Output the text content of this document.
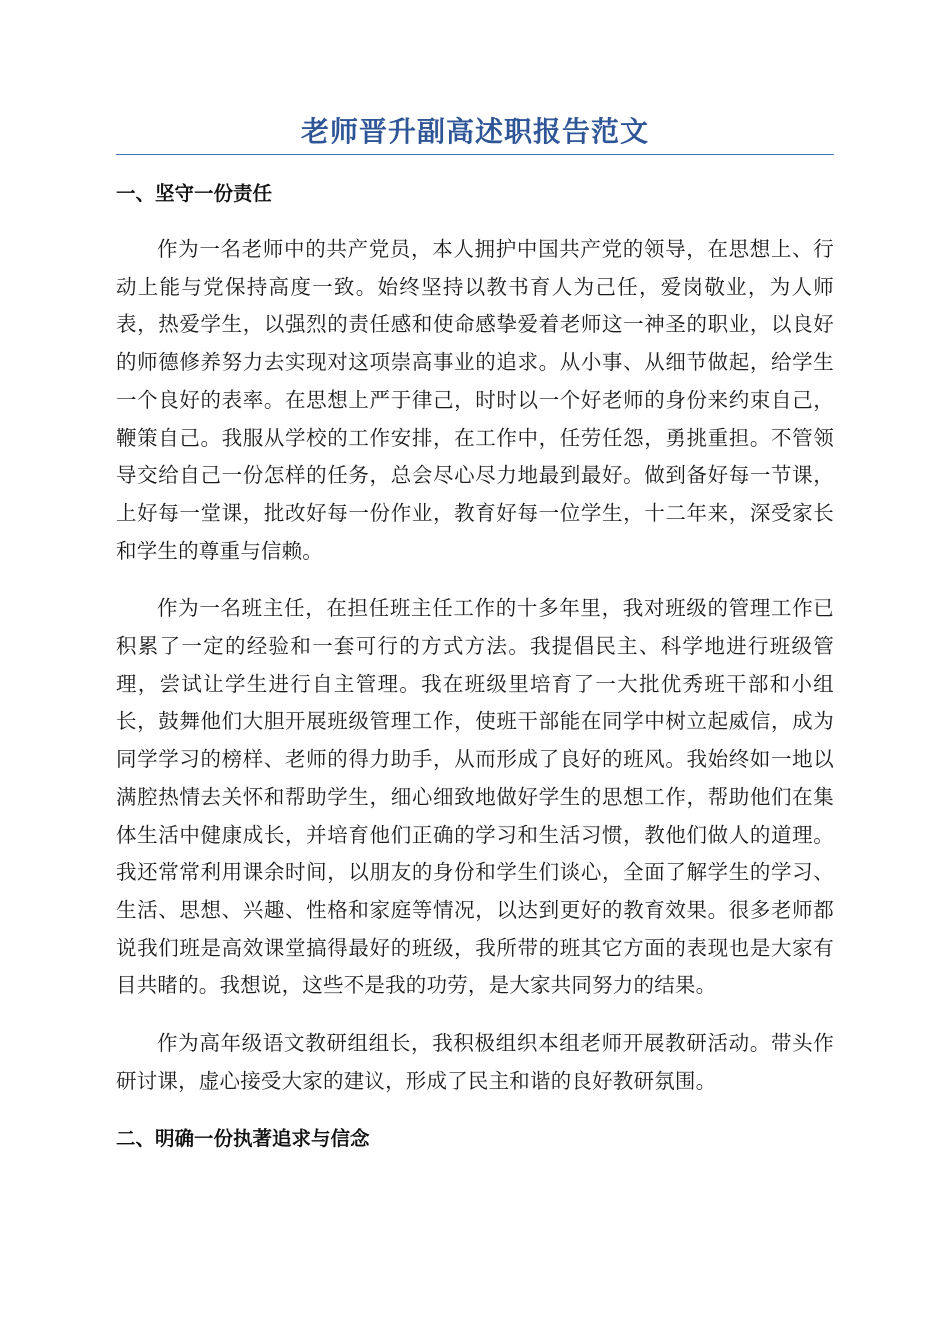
老师晋升副高述职报告范文
一、坚守一份责任

作为一名老师中的共产党员，本人拥护中国共产党的领导，在思想上、行动上能与党保持高度一致。始终坚持以教书育人为己任，爱岗敬业，为人师表，热爱学生，以强烈的责任感和使命感挚爱着老师这一神圣的职业，以良好的师德修养努力去实现对这项崇高事业的追求。从小事、从细节做起，给学生一个良好的表率。在思想上严于律己，时时以一个好老师的身份来约束自己，鞭策自己。我服从学校的工作安排，在工作中，任劳任怨，勇挑重担。不管领导交给自己一份怎样的任务，总会尽心尽力地最到最好。做到备好每一节课，上好每一堂课，批改好每一份作业，教育好每一位学生，十二年来，深受家长和学生的尊重与信赖。

作为一名班主任，在担任班主任工作的十多年里，我对班级的管理工作已积累了一定的经验和一套可行的方式方法。我提倡民主、科学地进行班级管理，尝试让学生进行自主管理。我在班级里培育了一大批优秀班干部和小组长，鼓舞他们大胆开展班级管理工作，使班干部能在同学中树立起威信，成为同学学习的榜样、老师的得力助手，从而形成了良好的班风。我始终如一地以满腔热情去关怀和帮助学生，细心细致地做好学生的思想工作，帮助他们在集体生活中健康成长，并培育他们正确的学习和生活习惯，教他们做人的道理。我还常常利用课余时间，以朋友的身份和学生们谈心，全面了解学生的学习、生活、思想、兴趣、性格和家庭等情况，以达到更好的教育效果。很多老师都说我们班是高效课堂搞得最好的班级，我所带的班其它方面的表现也是大家有目共睹的。我想说，这些不是我的功劳，是大家共同努力的结果。

作为高年级语文教研组组长，我积极组织本组老师开展教研活动。带头作研讨课，虚心接受大家的建议，形成了民主和谐的良好教研氛围。

二、明确一份执著追求与信念
